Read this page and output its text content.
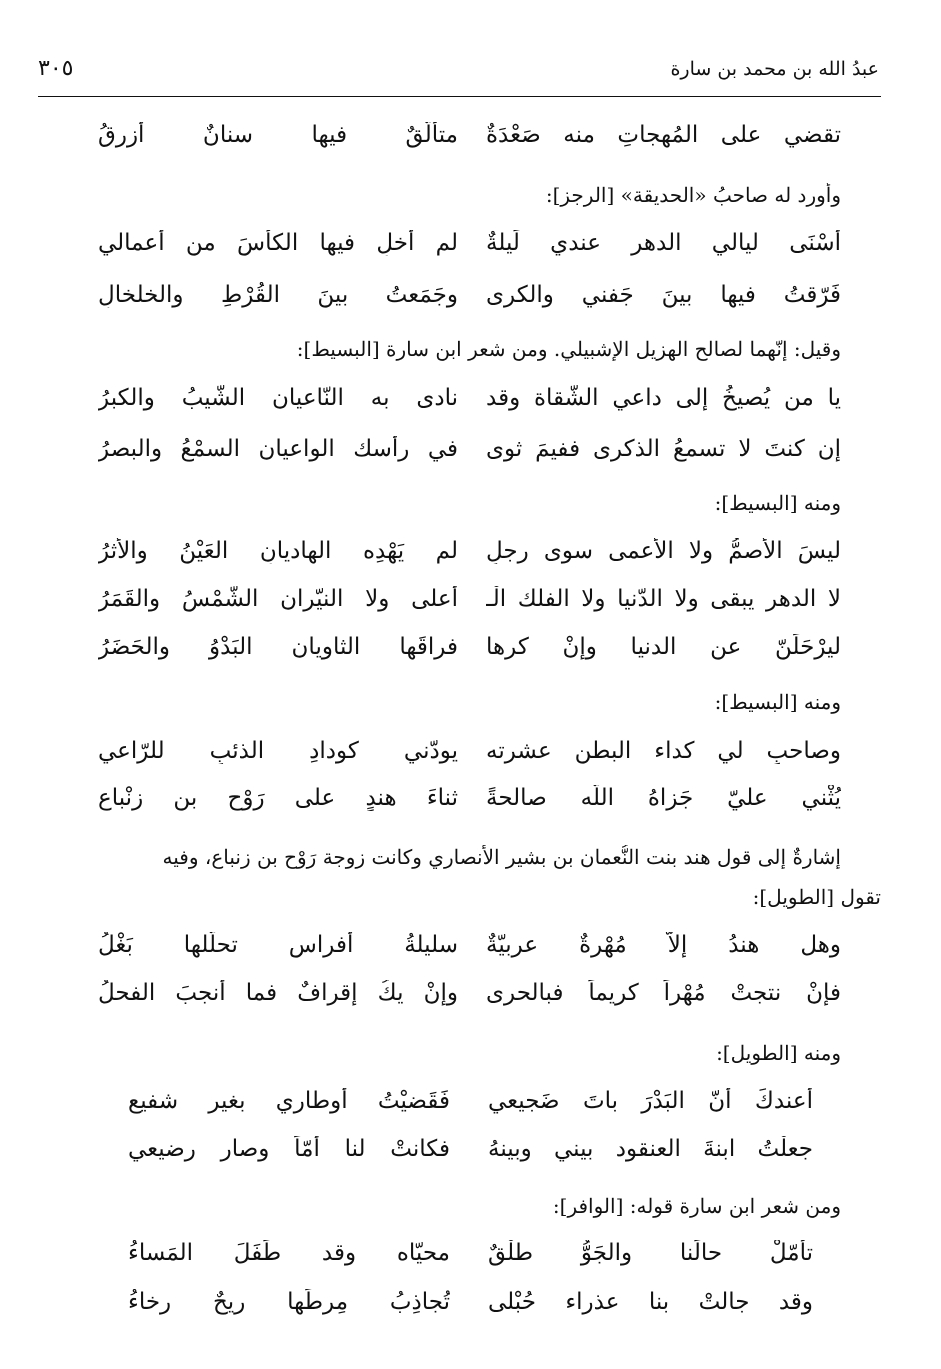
عبدُ الله بن محمد بن سارة
٣٠٥
تقضي على المُهجاتِ منه صَعْدَةٌ
متألّقٌ فيها سنانٌ أزرقُ
وأورد له صاحبُ «الحديقة» [الرجز]:
أسْنَى ليالي الدهر عندي لَيلةٌ
لم أُخلِ فيها الكأسَ من أعمالي
فَرّقتُ فيها بينَ جَفني والكرى
وجَمَعتُ بينَ القُرْطِ والخلخالِ
وقيل: إنّهما لصالح الهزيل الإشبيلي. ومن شعر ابن سارة [البسيط]:
يا من يُصيخُ إلى داعي الشَّقاة وقد
نادى به النّاعيان الشَّيبُ والكبرُ
إن كنتَ لا تسمعُ الذكرى ففيمَ ثوى
في رأسك الواعيان السمْعُ والبصرُ
ومنه [البسيط]:
ليسَ الأصمُّ ولا الأعمى سوى رجلٍ
لم يَهْدِه الهاديانِ العَيْنُ والأثرُ
لا الدهر يبقى ولا الدّنيا ولا الفلك الْـ
أعلى ولا النيّران الشَّمْسُ والقَمَرُ
ليرْحَلَنّ عن الدنيا وإنْ كرِها
فراقَها الثاويان البَدْوُ والحَضَرُ
ومنه [البسيط]:
وصاحبٍ لي كداء البطن عشرته
يودّني كودادِ الذئبِ للرّاعي
يُثْني عليّ جَزاهُ اللّه صالحةً
ثناءَ هندٍ على رَوْح بن زنْباعِ
إشارةٌ إلى قول هند بنت النُّعمان بن بشير الأنصاري وكانت زوجة رَوْح بن زنباع، وفيه
تقول [الطويل]:
وهل هندُ إلاّ مُهْرةٌ عربيّةٌ
سليلةُ أفراسٍ تحلّلها بَغْلُ
فإنْ نتجتْ مُهْراً كريماً فبالحرى
وإنْ يكُ إقرافٌ فما أنجبَ الفحلُ
ومنه [الطويل]:
أعندكَ أنّ البَدْرَ باتَ ضَجيعي
فَقَضيْتُ أوطاري بغير شفيعِ
جعلْتُ ابنةَ العنقود بيني وبينهُ
فكانتْ لنا أمّاً وصار رضيعي
ومن شعر ابن سارة قوله: [الوافر]:
تأمّلْ حالَنا والجَوُّ طلْقٌ
محيّاه وقد طَفَلَ المَساءُ
وقد جالتْ بنا عذراء حُبْلى
تُجاذِبُ مِرطَها ريحٌ رخاءُ
